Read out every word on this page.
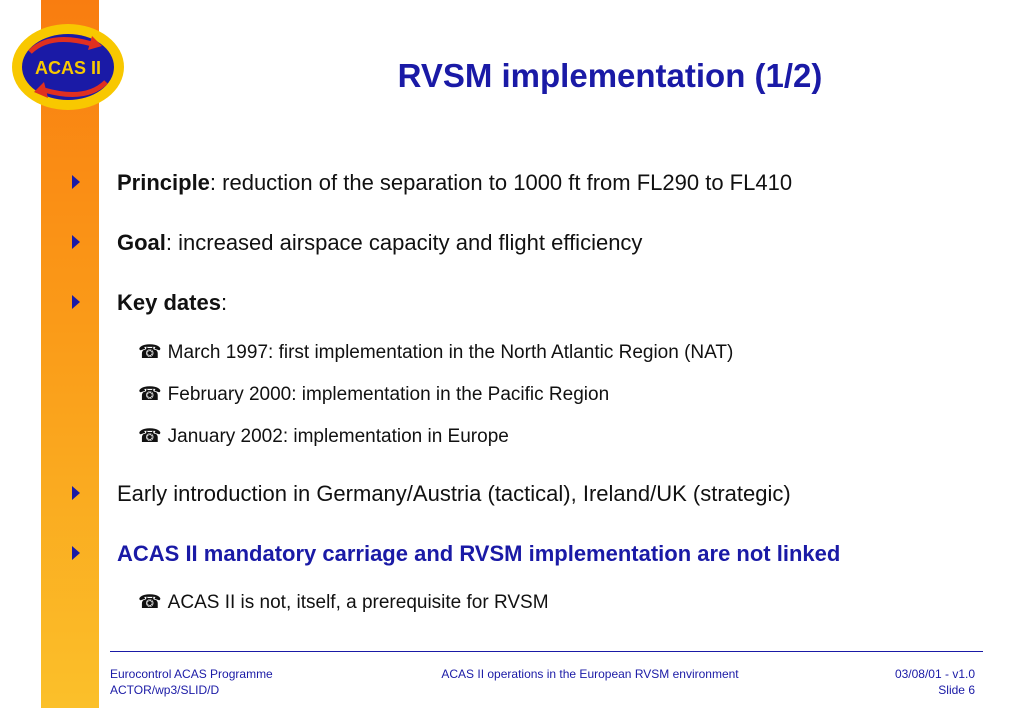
ACAS II	RVSM implementation (1/2)
Principle: reduction of the separation to 1000 ft from FL290 to FL410
Goal: increased airspace capacity and flight efficiency
Key dates:
☎ March 1997: first implementation in the North Atlantic Region (NAT)
☎ February 2000: implementation in the Pacific Region
☎ January 2002: implementation in Europe
Early introduction in Germany/Austria (tactical), Ireland/UK (strategic)
ACAS II mandatory carriage and RVSM implementation are not linked
☎ ACAS II is not, itself, a prerequisite for RVSM
Eurocontrol ACAS Programme
ACTOR/wp3/SLID/D
ACAS II operations in the European RVSM environment	03/08/01 - v1.0
Slide 6
